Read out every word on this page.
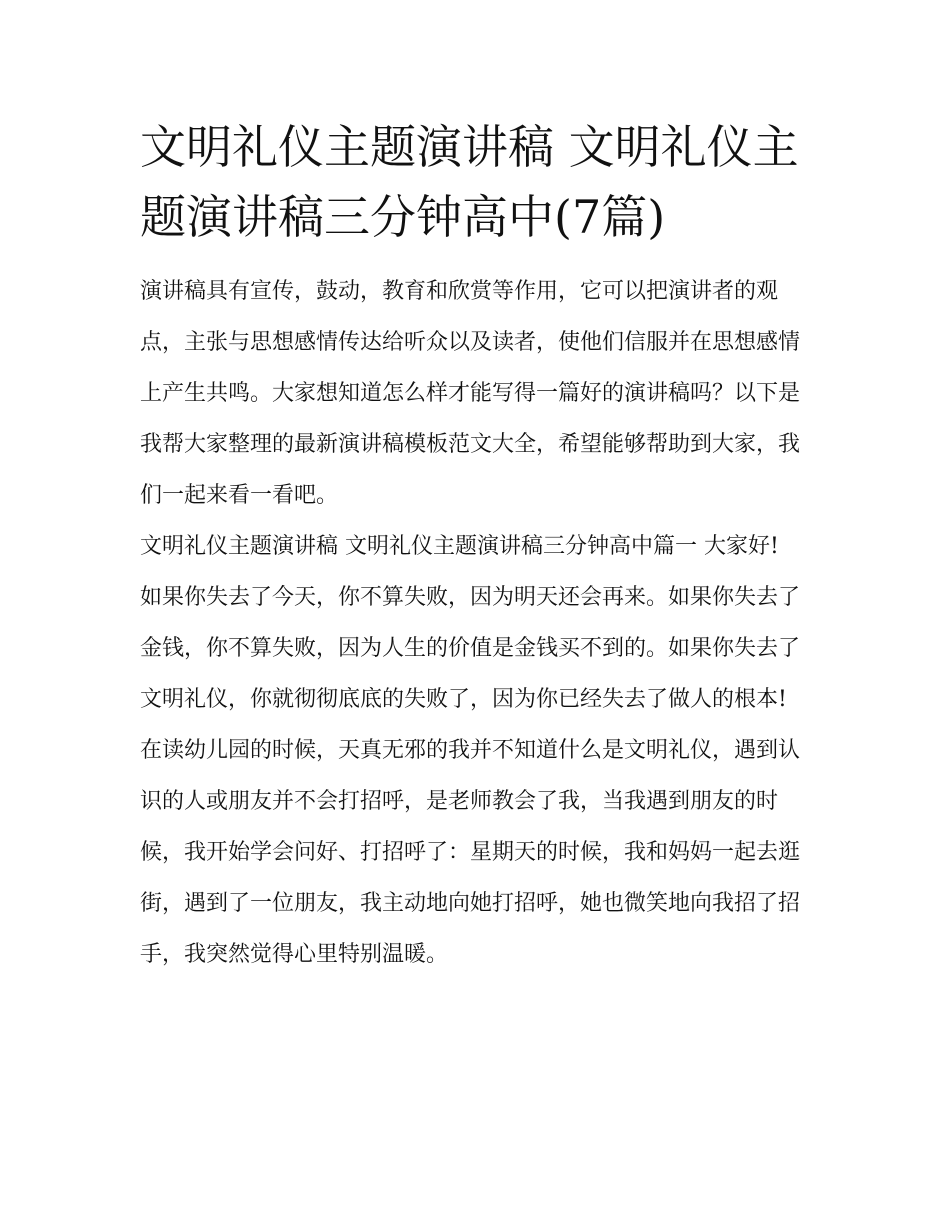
文明礼仪主题演讲稿 文明礼仪主题演讲稿三分钟高中(7篇)

演讲稿具有宣传，鼓动，教育和欣赏等作用，它可以把演讲者的观点，主张与思想感情传达给听众以及读者，使他们信服并在思想感情上产生共鸣。大家想知道怎么样才能写得一篇好的演讲稿吗？以下是我帮大家整理的最新演讲稿模板范文大全，希望能够帮助到大家，我们一起来看一看吧。

文明礼仪主题演讲稿 文明礼仪主题演讲稿三分钟高中篇一 大家好!

如果你失去了今天，你不算失败，因为明天还会再来。如果你失去了金钱，你不算失败，因为人生的价值是金钱买不到的。如果你失去了文明礼仪，你就彻彻底底的失败了，因为你已经失去了做人的根本!

在读幼儿园的时候，天真无邪的我并不知道什么是文明礼仪，遇到认识的人或朋友并不会打招呼，是老师教会了我，当我遇到朋友的时候，我开始学会问好、打招呼了：星期天的时候，我和妈妈一起去逛街，遇到了一位朋友，我主动地向她打招呼，她也微笑地向我招了招手，我突然觉得心里特别温暖。
